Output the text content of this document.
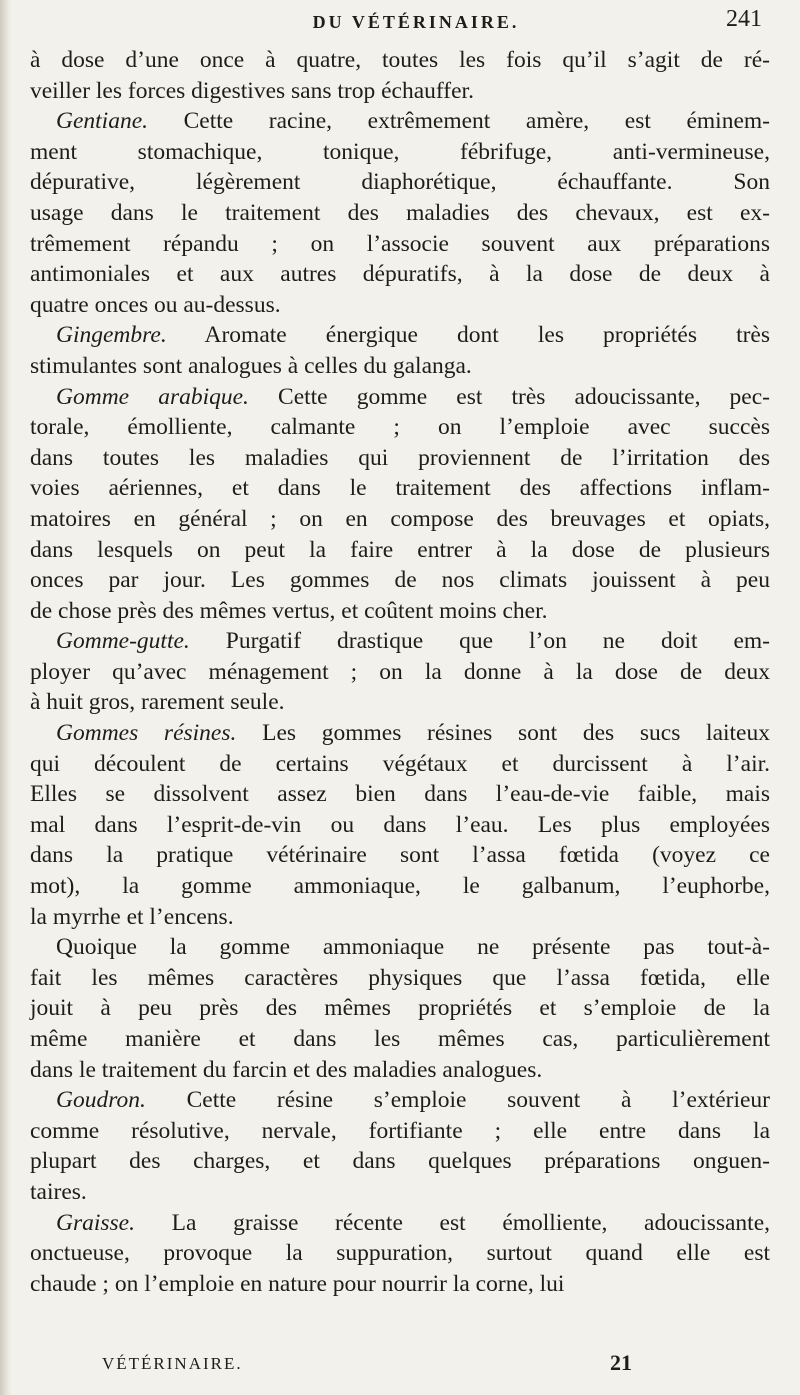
DU VÉTÉRINAIRE.	241
à dose d’une once à quatre, toutes les fois qu’il s’agit de ré-
veiller les forces digestives sans trop échauffer.
Gentiane. Cette racine, extrêmement amère, est éminem-
ment stomachique, tonique, fébrifuge, anti-vermineuse,
dépurative, légèrement diaphorétique, échauffante. Son
usage dans le traitement des maladies des chevaux, est ex-
trêmement répandu ; on l’associe souvent aux préparations
antimoniales et aux autres dépuratifs, à la dose de deux à
quatre onces ou au-dessus.
Gingembre. Aromate énergique dont les propriétés très
stimulantes sont analogues à celles du galanga.
Gomme arabique. Cette gomme est très adoucissante, pec-
torale, émolliente, calmante ; on l’emploie avec succès
dans toutes les maladies qui proviennent de l’irritation des
voies aériennes, et dans le traitement des affections inflam-
matoires en général ; on en compose des breuvages et opiats,
dans lesquels on peut la faire entrer à la dose de plusieurs
onces par jour. Les gommes de nos climats jouissent à peu
de chose près des mêmes vertus, et coûtent moins cher.
Gomme-gutte. Purgatif drastique que l’on ne doit em-
ployer qu’avec ménagement ; on la donne à la dose de deux
à huit gros, rarement seule.
Gommes résines. Les gommes résines sont des sucs laiteux
qui découlent de certains végétaux et durcissent à l’air.
Elles se dissolvent assez bien dans l’eau-de-vie faible, mais
mal dans l’esprit-de-vin ou dans l’eau. Les plus employées
dans la pratique vétérinaire sont l’assa fœtida (voyez ce
mot), la gomme ammoniaque, le galbanum, l’euphorbe,
la myrrhe et l’encens.
Quoique la gomme ammoniaque ne présente pas tout-à-
fait les mêmes caractères physiques que l’assa fœtida, elle
jouit à peu près des mêmes propriétés et s’emploie de la
même manière et dans les mêmes cas, particulièrement
dans le traitement du farcin et des maladies analogues.
Goudron. Cette résine s’emploie souvent à l’extérieur
comme résolutive, nervale, fortifiante ; elle entre dans la
plupart des charges, et dans quelques préparations onguen-
taires.
Graisse. La graisse récente est émolliente, adoucissante,
onctueuse, provoque la suppuration, surtout quand elle est
chaude ; on l’emploie en nature pour nourrir la corne, lui
VÉTÉRINAIRE.	21
